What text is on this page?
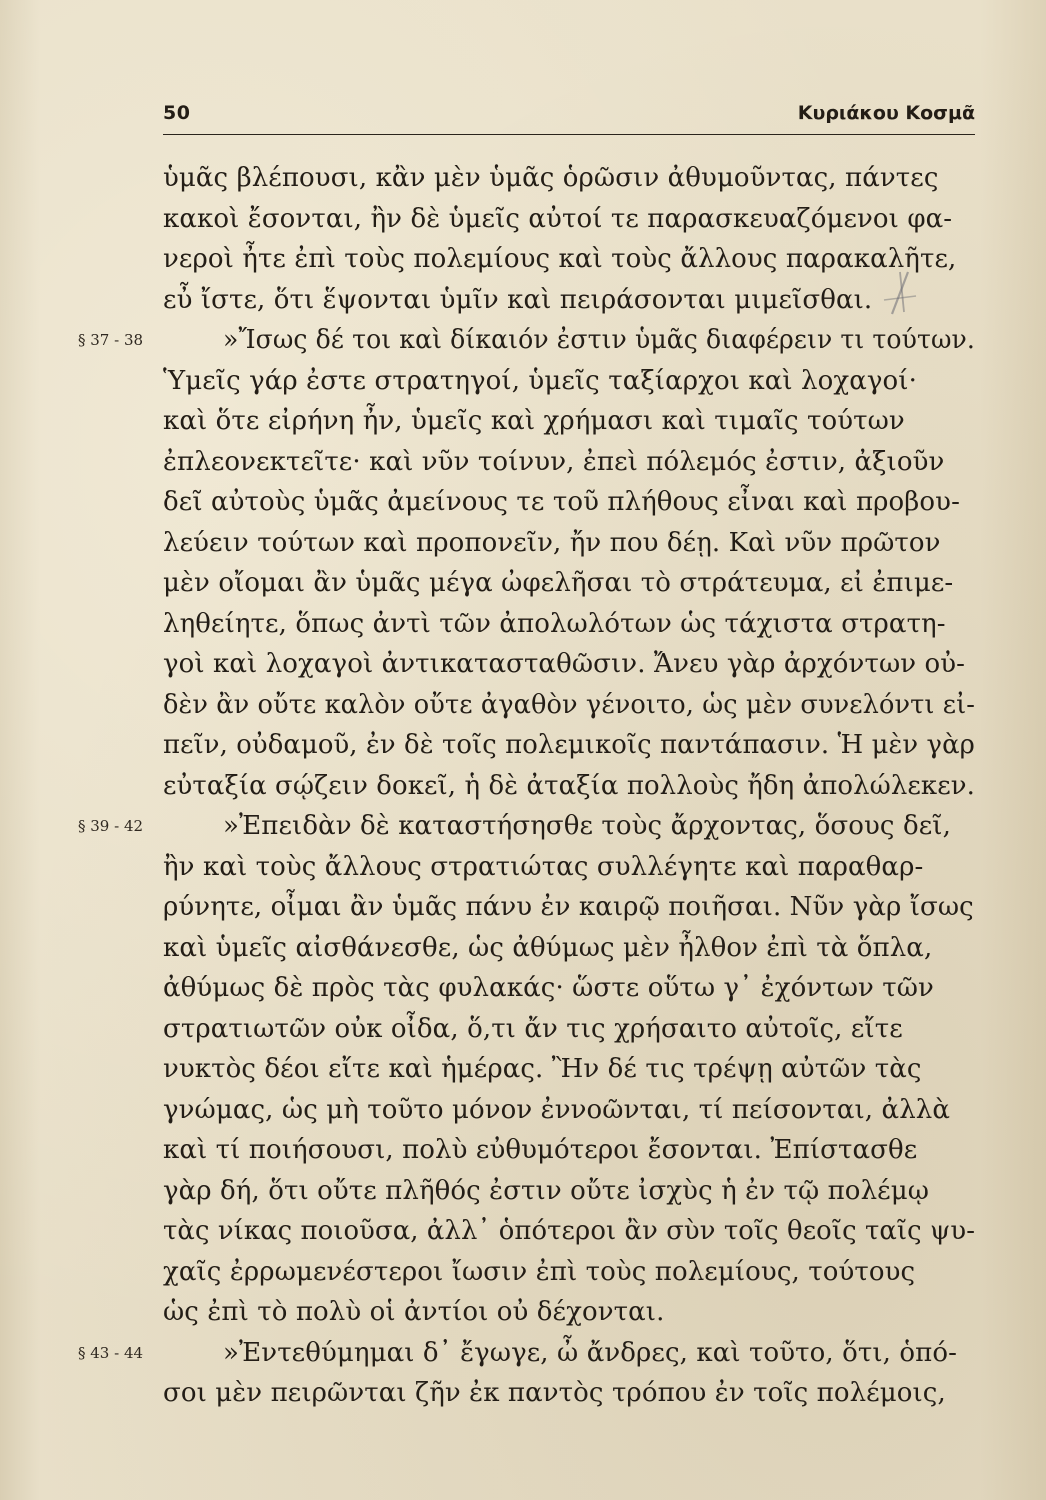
50	Κυριάκου Κοσμᾶ
ὑμᾶς βλέπουσι, κἂν μὲν ὑμᾶς ὁρῶσιν ἀθυμοῦντας, πάντες
κακοὶ ἔσονται, ἢν δὲ ὑμεῖς αὐτοί τε παρασκευαζόμενοι φα-
νεροὶ ἦτε ἐπὶ τοὺς πολεμίους καὶ τοὺς ἄλλους παρακαλῆτε,
εὖ ἴστε, ὅτι ἕψονται ὑμῖν καὶ πειράσονται μιμεῖσθαι.
»Ἴσως δέ τοι καὶ δίκαιόν ἐστιν ὑμᾶς διαφέρειν τι τούτων.
Ὑμεῖς γάρ ἐστε στρατηγοί, ὑμεῖς ταξίαρχοι καὶ λοχαγοί·
καὶ ὅτε εἰρήνη ἦν, ὑμεῖς καὶ χρήμασι καὶ τιμαῖς τούτων
ἐπλεονεκτεῖτε· καὶ νῦν τοίνυν, ἐπεὶ πόλεμός ἐστιν, ἀξιοῦν
δεῖ αὐτοὺς ὑμᾶς ἀμείνους τε τοῦ πλήθους εἶναι καὶ προβου-
λεύειν τούτων καὶ προπονεῖν, ἤν που δέῃ. Καὶ νῦν πρῶτον
μὲν οἴομαι ἂν ὑμᾶς μέγα ὠφελῆσαι τὸ στράτευμα, εἰ ἐπιμε-
ληθείητε, ὅπως ἀντὶ τῶν ἀπολωλότων ὡς τάχιστα στρατη-
γοὶ καὶ λοχαγοὶ ἀντικατασταθῶσιν. Ἄνευ γὰρ ἀρχόντων οὐ-
δὲν ἂν οὔτε καλὸν οὔτε ἀγαθὸν γένοιτο, ὡς μὲν συνελόντι εἰ-
πεῖν, οὐδαμοῦ, ἐν δὲ τοῖς πολεμικοῖς παντάπασιν. Ἡ μὲν γὰρ
εὐταξία σῴζειν δοκεῖ, ἡ δὲ ἀταξία πολλοὺς ἤδη ἀπολώλεκεν.
»Ἐπειδὰν δὲ καταστήσησθε τοὺς ἄρχοντας, ὅσους δεῖ,
ἢν καὶ τοὺς ἄλλους στρατιώτας συλλέγητε καὶ παραθαρ-
ρύνητε, οἶμαι ἂν ὑμᾶς πάνυ ἐν καιρῷ ποιῆσαι. Νῦν γὰρ ἴσως
καὶ ὑμεῖς αἰσθάνεσθε, ὡς ἀθύμως μὲν ἦλθον ἐπὶ τὰ ὅπλα,
ἀθύμως δὲ πρὸς τὰς φυλακάς· ὥστε οὕτω γ᾿ ἐχόντων τῶν
στρατιωτῶν οὐκ οἶδα, ὅ,τι ἄν τις χρήσαιτο αὐτοῖς, εἴτε
νυκτὸς δέοι εἴτε καὶ ἡμέρας. Ἢν δέ τις τρέψῃ αὐτῶν τὰς
γνώμας, ὡς μὴ τοῦτο μόνον ἐννοῶνται, τί πείσονται, ἀλλὰ
καὶ τί ποιήσουσι, πολὺ εὐθυμότεροι ἔσονται. Ἐπίστασθε
γὰρ δή, ὅτι οὔτε πλῆθός ἐστιν οὔτε ἰσχὺς ἡ ἐν τῷ πολέμῳ
τὰς νίκας ποιοῦσα, ἀλλ᾿ ὁπότεροι ἂν σὺν τοῖς θεοῖς ταῖς ψυ-
χαῖς ἐρρωμενέστεροι ἴωσιν ἐπὶ τοὺς πολεμίους, τούτους
ὡς ἐπὶ τὸ πολὺ οἱ ἀντίοι οὐ δέχονται.
»Ἐντεθύμημαι δ᾿ ἔγωγε, ὦ ἄνδρες, καὶ τοῦτο, ὅτι, ὁπό-
σοι μὲν πειρῶνται ζῆν ἐκ παντὸς τρόπου ἐν τοῖς πολέμοις,
§ 37 - 38
§ 39 - 42
§ 43 - 44
